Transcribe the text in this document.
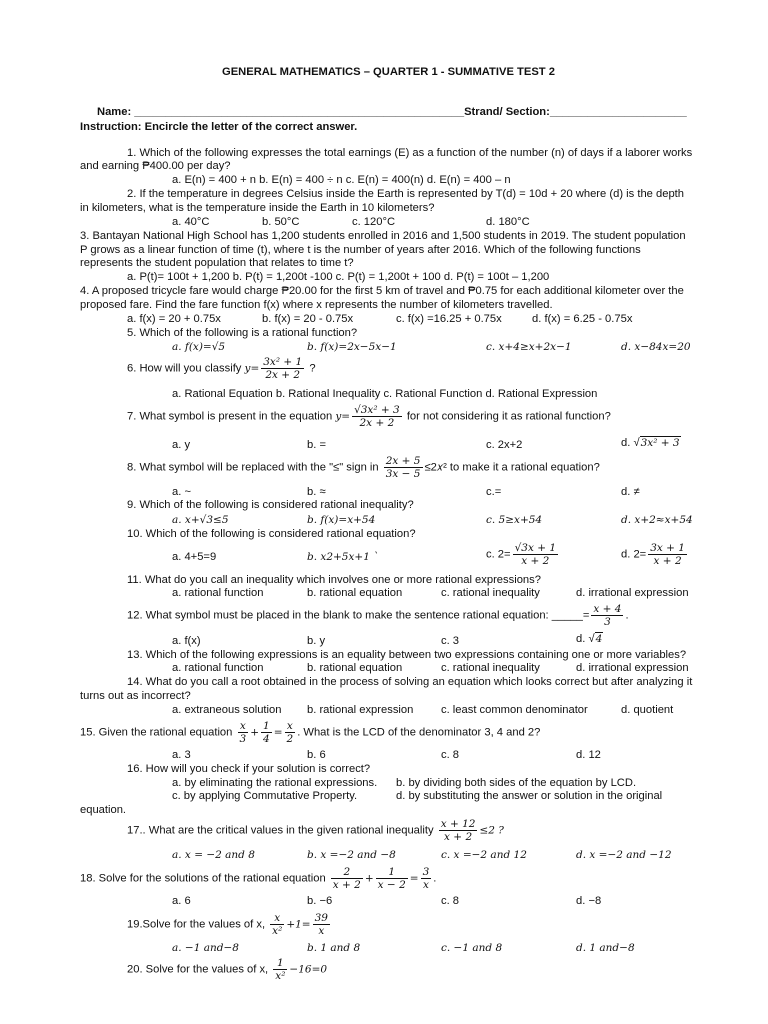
GENERAL MATHEMATICS – QUARTER 1 - SUMMATIVE TEST 2
Name: _____________________________________________________Strand/ Section:______________________
Instruction: Encircle the letter of the correct answer.
1. Which of the following expresses the total earnings (E) as a function of the number (n) of days if a laborer works
and earning ₱400.00 per day?
a. E(n) = 400 + n b. E(n) = 400 ÷ n c. E(n) = 400(n) d. E(n) = 400 – n
2. If the temperature in degrees Celsius inside the Earth is represented by T(d) = 10d + 20 where (d) is the depth
in kilometers, what is the temperature inside the Earth in 10 kilometers?
a. 40°C	b. 50°C	c. 120°C	d. 180°C
3. Bantayan National High School has 1,200 students enrolled in 2016 and 1,500 students in 2019. The student population
P grows as a linear function of time (t), where t is the number of years after 2016. Which of the following functions
represents the student population that relates to time t?
a. P(t)= 100t + 1,200 b. P(t) = 1,200t -100 c. P(t) = 1,200t + 100 d. P(t) = 100t – 1,200
4. A proposed tricycle fare would charge ₱20.00 for the first 5 km of travel and ₱0.75 for each additional kilometer over the
proposed fare. Find the fare function f(x) where x represents the number of kilometers travelled.
a. f(x) = 20 + 0.75x	b. f(x) = 20 - 0.75x	c. f(x) =16.25 + 0.75x	d. f(x) = 6.25 - 0.75x
5. Which of the following is a rational function?
a. 𝑓(𝑥)=√5	b. 𝑓(𝑥)=2𝑥−5𝑥−1	c. 𝑥+4≥𝑥+2𝑥−1	d. 𝑥−84𝑥=20
6. How will you classify 𝑦= $\frac{\text{3𝑥² + 1}}{\text{2𝑥 + 2}}$ ?
a. Rational Equation b. Rational Inequality c. Rational Function d. Rational Expression
7. What symbol is present in the equation 𝑦= $\frac{\text{√3𝑥² + 3}}{\text{2𝑥 + 2}}$ for not considering it as rational function?
a. y	b. =	c. 2x+2	d. √3𝑥² + 3
8. What symbol will be replaced with the "≤" sign in $\frac{\text{2𝑥 + 5}}{\text{3𝑥 − 5}}$ ≤2𝑥² to make it a rational equation?
a. ~	b. ≈	c.=	d. ≠
9. Which of the following is considered rational inequality?
a. 𝑥+√3≤5	b. 𝑓(𝑥)=𝑥+54	c. 5≥𝑥+54	d. 𝑥+2≈𝑥+54
10. Which of the following is considered rational equation?
a. 4+5=9	b. 𝑥2+5𝑥+1 `	c. $2= \frac{\text{√3𝑥 + 1}}{\text{𝑥 + 2}}$	d. $2= \frac{\text{3𝑥 + 1}}{\text{𝑥 + 2}}$
11. What do you call an inequality which involves one or more rational expressions?
a. rational function	b. rational equation	c. rational inequality	d. irrational expression
12. What symbol must be placed in the blank to make the sentence rational equation: _____= $\frac{\text{𝑥 + 4}}{3}$ .
a. f(x)	b. y	c. 3	d. √4
13. Which of the following expressions is an equality between two expressions containing one or more variables?
a. rational function	b. rational equation	c. rational inequality	d. irrational expression
14. What do you call a root obtained in the process of solving an equation which looks correct but after analyzing it
turns out as incorrect?
a. extraneous solution b. rational expression c. least common denominator	d. quotient
15. Given the rational equation $\frac{\text{𝑥}}{3} + \frac{1}{4} = \frac{\text{𝑥}}{2}$ . What is the LCD of the denominator 3, 4 and 2?
a. 3	b. 6	c. 8	d. 12
16. How will you check if your solution is correct?
a. by eliminating the rational expressions. b. by dividing both sides of the equation by LCD.
c. by applying Commutative Property.	d. by substituting the answer or solution in the original
equation.
17.. What are the critical values in the given rational inequality $\frac{\text{𝑥 + 12}}{\text{𝑥 + 2}} \le 2$ ?
a. 𝑥 = −2 𝑎𝑛𝑑 8	b. 𝑥 =−2 𝑎𝑛𝑑 −8	c. 𝑥 =−2 𝑎𝑛𝑑 12	d. 𝑥 =−2 𝑎𝑛𝑑 −12
18. Solve for the solutions of the rational equation $\frac{2}{\text{𝑥 + 2}} + \frac{1}{\text{𝑥 − 2}} = \frac{3}{\text{𝑥}}$ .
a. 6	b. −6	c. 8	d. −8
19.Solve for the values of x, $\frac{\text{𝑥}}{\text{𝑥²}} +1= \frac{39}{\text{𝑥}}$
a. −1 𝑎𝑛𝑑−8	b. 1 𝑎𝑛𝑑 8	c. −1 𝑎𝑛𝑑 8	d. 1 𝑎𝑛𝑑−8
20. Solve for the values of x, $\frac{1}{\text{𝑥²}} -16=0$
